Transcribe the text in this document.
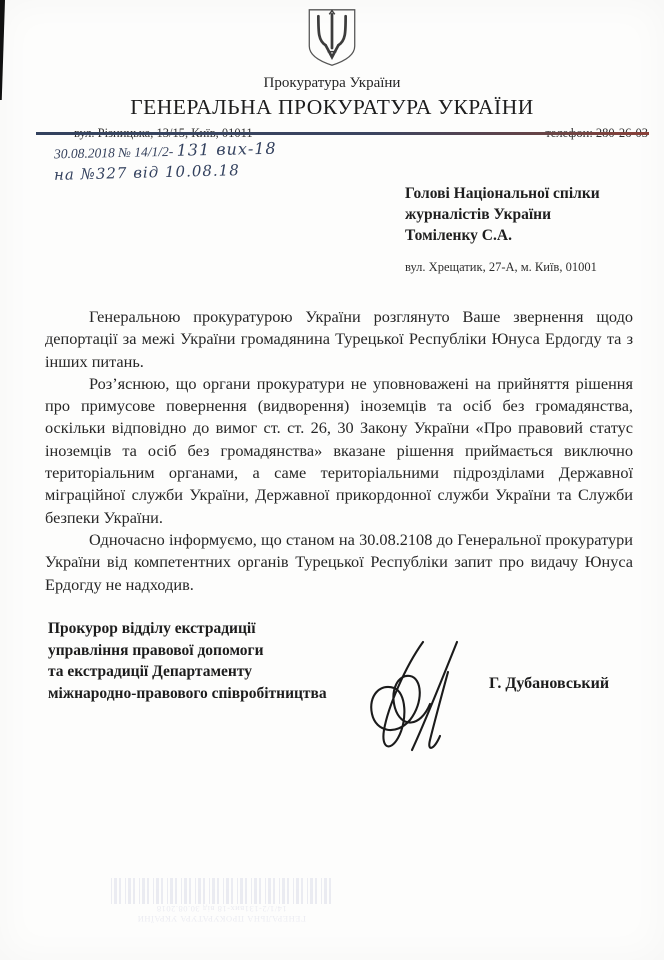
Прокуратура України
ГЕНЕРАЛЬНА ПРОКУРАТУРА УКРАЇНИ
30.08.2018 № 14/1/2- 131 вих-18
на №327 від 10.08.18
Голові Національної спілки
журналістів України
Томіленку С.А.
вул. Хрещатик, 27-А, м. Київ, 01001

Генеральною прокуратурою України розглянуто Ваше звернення щодо депортації за межі України громадянина Турецької Республіки Юнуса Ердогду та з інших питань.

Роз’яснюю, що органи прокуратури не уповноважені на прийняття рішення про примусове повернення (видворення) іноземців та осіб без громадянства, оскільки відповідно до вимог ст. ст. 26, 30 Закону України «Про правовий статус іноземців та осіб без громадянства» вказане рішення приймається виключно територіальним органами, а саме територіальними підрозділами Державної міграційної служби України, Державної прикордонної служби України та Служби безпеки України.

Одночасно інформуємо, що станом на 30.08.2108 до Генеральної прокуратури України від компетентних органів Турецької Республіки запит про видачу Юнуса Ердогду не надходив.

Прокурор відділу екстрадиції
управління правової допомоги
та екстрадиції Департаменту
міжнародно-правового співробітництва
Г. Дубановський
ГЕНЕРАЛЬНА ПРОКУРАТУРА УКРАЇНИ
14/1/2-131вих-18 від 30.08.2018
